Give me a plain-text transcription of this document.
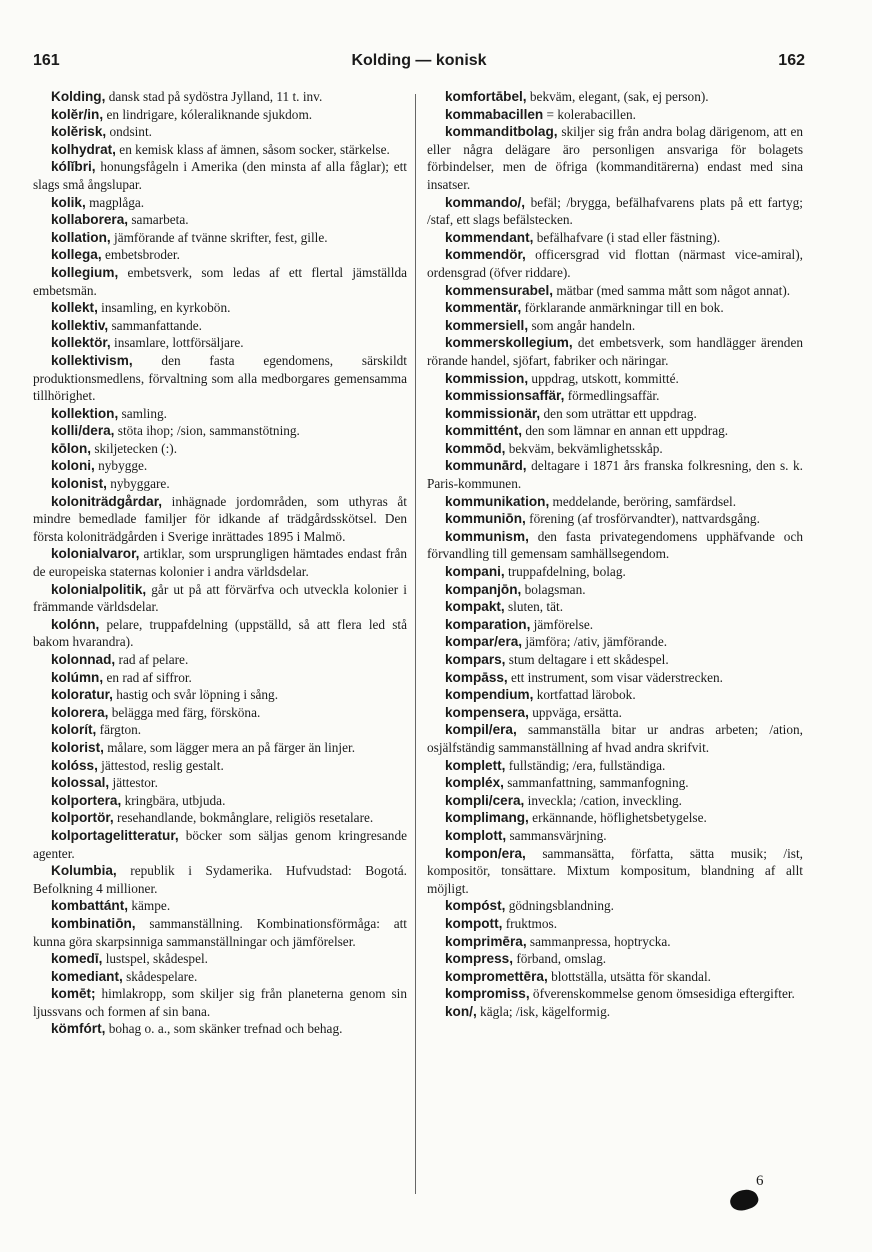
161	Kolding — konisk	162

Kolding, dansk stad på sydöstra Jylland, 11 t. inv.

kolĕr/in, en lindrigare, kóleraliknande sjukdom.

kolĕrisk, ondsint.

kolhydrat, en kemisk klass af ämnen, såsom socker, stärkelse.

kólĭbri, honungsfågeln i Amerika (den minsta af alla fåglar); ett slags små ångslupar.

kolik, magplåga.

kollaborera, samarbeta.

kollation, jämförande af tvänne skrifter, fest, gille.

kollega, embetsbroder.

kollegium, embetsverk, som ledas af ett flertal jämställda embetsmän.

kollekt, insamling, en kyrkobön.

kollektiv, sammanfattande.

kollektör, insamlare, lottförsäljare.

kollektivism, den fasta egendomens, särskildt produktionsmedlens, förvaltning som alla medborgares gemensamma tillhörighet.

kollektion, samling.

kolli/dera, stöta ihop; /sion, sammanstötning.

kōlon, skiljetecken (:).

koloni, nybygge.

kolonist, nybyggare.

koloniträdgårdar, inhägnade jordområden, som uthyras åt mindre bemedlade familjer för idkande af trädgårdsskötsel. Den första koloniträdgården i Sverige inrättades 1895 i Malmö.

kolonialvaror, artiklar, som ursprungligen hämtades endast från de europeiska staternas kolonier i andra världsdelar.

kolonialpolitik, går ut på att förvärfva och utveckla kolonier i främmande världsdelar.

kolónn, pelare, truppafdelning (uppställd, så att flera led stå bakom hvarandra).

kolonnad, rad af pelare.

kolúmn, en rad af siffror.

koloratur, hastig och svår löpning i sång.

kolorera, belägga med färg, försköna.

kolorít, färgton.

kolorist, målare, som lägger mera an på färger än linjer.

kolóss, jättestod, reslig gestalt.

kolossal, jättestor.

kolportera, kringbära, utbjuda.

kolportör, resehandlande, bokmånglare, religiös resetalare.

kolportagelitteratur, böcker som säljas genom kringresande agenter.

Kolumbia, republik i Sydamerika. Hufvudstad: Bogotá. Befolkning 4 millioner.

kombattánt, kämpe.

kombinatiōn, sammanställning. Kombinationsförmåga: att kunna göra skarpsinniga sammanställningar och jämförelser.

komedī, lustspel, skådespel.

komediant, skådespelare.

komēt; himlakropp, som skiljer sig från planeterna genom sin ljussvans och formen af sin bana.

kömfórt, bohag o. a., som skänker trefnad och behag.

komfortābel, bekväm, elegant, (sak, ej person).

kommabacillen = kolerabacillen.

kommanditbolag, skiljer sig från andra bolag därigenom, att en eller några delägare äro personligen ansvariga för bolagets förbindelser, men de öfriga (kommanditärerna) endast med sina insatser.

kommando/, befäl; /brygga, befälhafvarens plats på ett fartyg; /staf, ett slags befälstecken.

kommendant, befälhafvare (i stad eller fästning).

kommendör, officersgrad vid flottan (närmast vice-amiral), ordensgrad (öfver riddare).

kommensurabel, mätbar (med samma mått som något annat).

kommentär, förklarande anmärkningar till en bok.

kommersiell, som angår handeln.

kommerskollegium, det embetsverk, som handlägger ärenden rörande handel, sjöfart, fabriker och näringar.

kommission, uppdrag, utskott, kommitté.

kommissionsaffär, förmedlingsaffär.

kommissionär, den som uträttar ett uppdrag.

kommittént, den som lämnar en annan ett uppdrag.

kommōd, bekväm, bekvämlighetsskåp.

kommunārd, deltagare i 1871 års franska folkresning, den s. k. Paris-kommunen.

kommunikation, meddelande, beröring, samfärdsel.

kommuniōn, förening (af trosförvandter), nattvardsgång.

kommunism, den fasta privategendomens upphäfvande och förvandling till gemensam samhällsegendom.

kompani, truppafdelning, bolag.

kompanjōn, bolagsman.

kompakt, sluten, tät.

komparation, jämförelse.

kompar/era, jämföra; /ativ, jämförande.

kompars, stum deltagare i ett skådespel.

kompāss, ett instrument, som visar väderstrecken.

kompendium, kortfattad lärobok.

kompensera, uppväga, ersätta.

kompil/era, sammanställa bitar ur andras arbeten; /ation, osjälfständig sammanställning af hvad andra skrifvit.

komplett, fullständig; /era, fullständiga.

kompléx, sammanfattning, sammanfogning.

kompli/cera, inveckla; /cation, inveckling.

komplimang, erkännande, höflighetsbetygelse.

komplott, sammansvärjning.

kompon/era, sammansätta, författa, sätta musik; /ist, kompositör, tonsättare. Mixtum kompositum, blandning af allt möjligt.

kompóst, gödningsblandning.

kompott, fruktmos.

komprimēra, sammanpressa, hoptrycka.

kompress, förband, omslag.

kompromettēra, blottställa, utsätta för skandal.

kompromiss, öfverenskommelse genom ömsesidiga eftergifter.

kon/, kägla; /isk, kägelformig.

6
